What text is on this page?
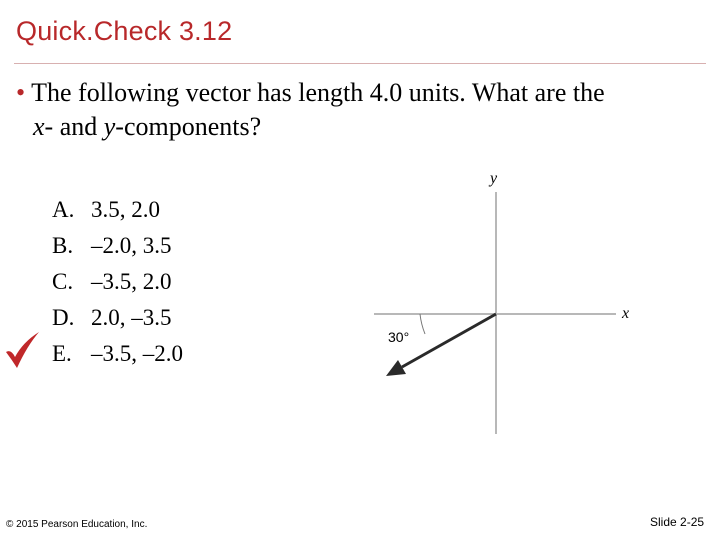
Quick.Check 3.12
• The following vector has length 4.0 units. What are the
x- and y-components?
A. 3.5, 2.0
B. –2.0, 3.5
C. –3.5, 2.0
D. 2.0, –3.5
E. –3.5, –2.0
y
x
30°
© 2015 Pearson Education, Inc.	Slide 2-25
